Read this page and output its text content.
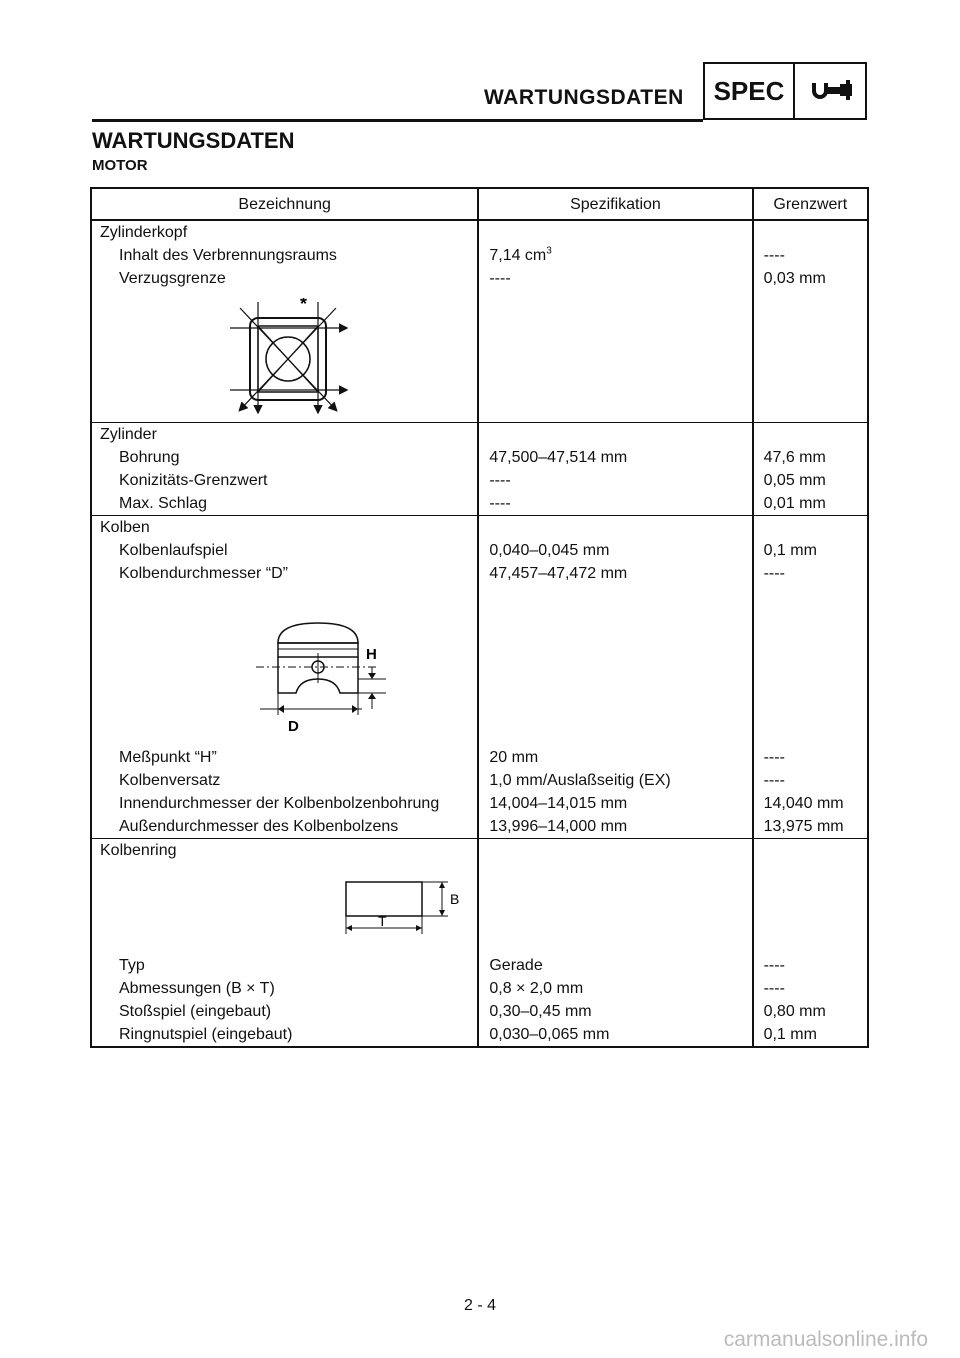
WARTUNGSDATEN	SPEC
WARTUNGSDATEN
MOTOR
Bezeichnung	Spezifikation	Grenzwert
Zylinderkopf		
Inhalt des Verbrennungsraums	7,14 $cm^3$	----
Verzugsgrenze	----	0,03 mm

*		

Zylinder		
Bohrung	47,500–47,514 mm	47,6 mm
Konizitäts-Grenzwert	----	0,05 mm
Max. Schlag	----	0,01 mm
Kolben		
Kolbenlaufspiel	0,040–0,045 mm	0,1 mm
Kolbendurchmesser “D”	47,457–47,472 mm	----

H
D		

Meßpunkt “H”	20 mm	----
Kolbenversatz	1,0 mm/Auslaßseitig (EX)	----
Innendurchmesser der Kolbenbolzenbohrung	14,004–14,015 mm	14,040 mm
Außendurchmesser des Kolbenbolzens	13,996–14,000 mm	13,975 mm
Kolbenring		

B
T		

Typ	Gerade	----
Abmessungen (B × T)	0,8 × 2,0 mm	----
Stoßspiel (eingebaut)	0,30–0,45 mm	0,80 mm
Ringnutspiel (eingebaut)	0,030–0,065 mm	0,1 mm
2 - 4
carmanualsonline.info
